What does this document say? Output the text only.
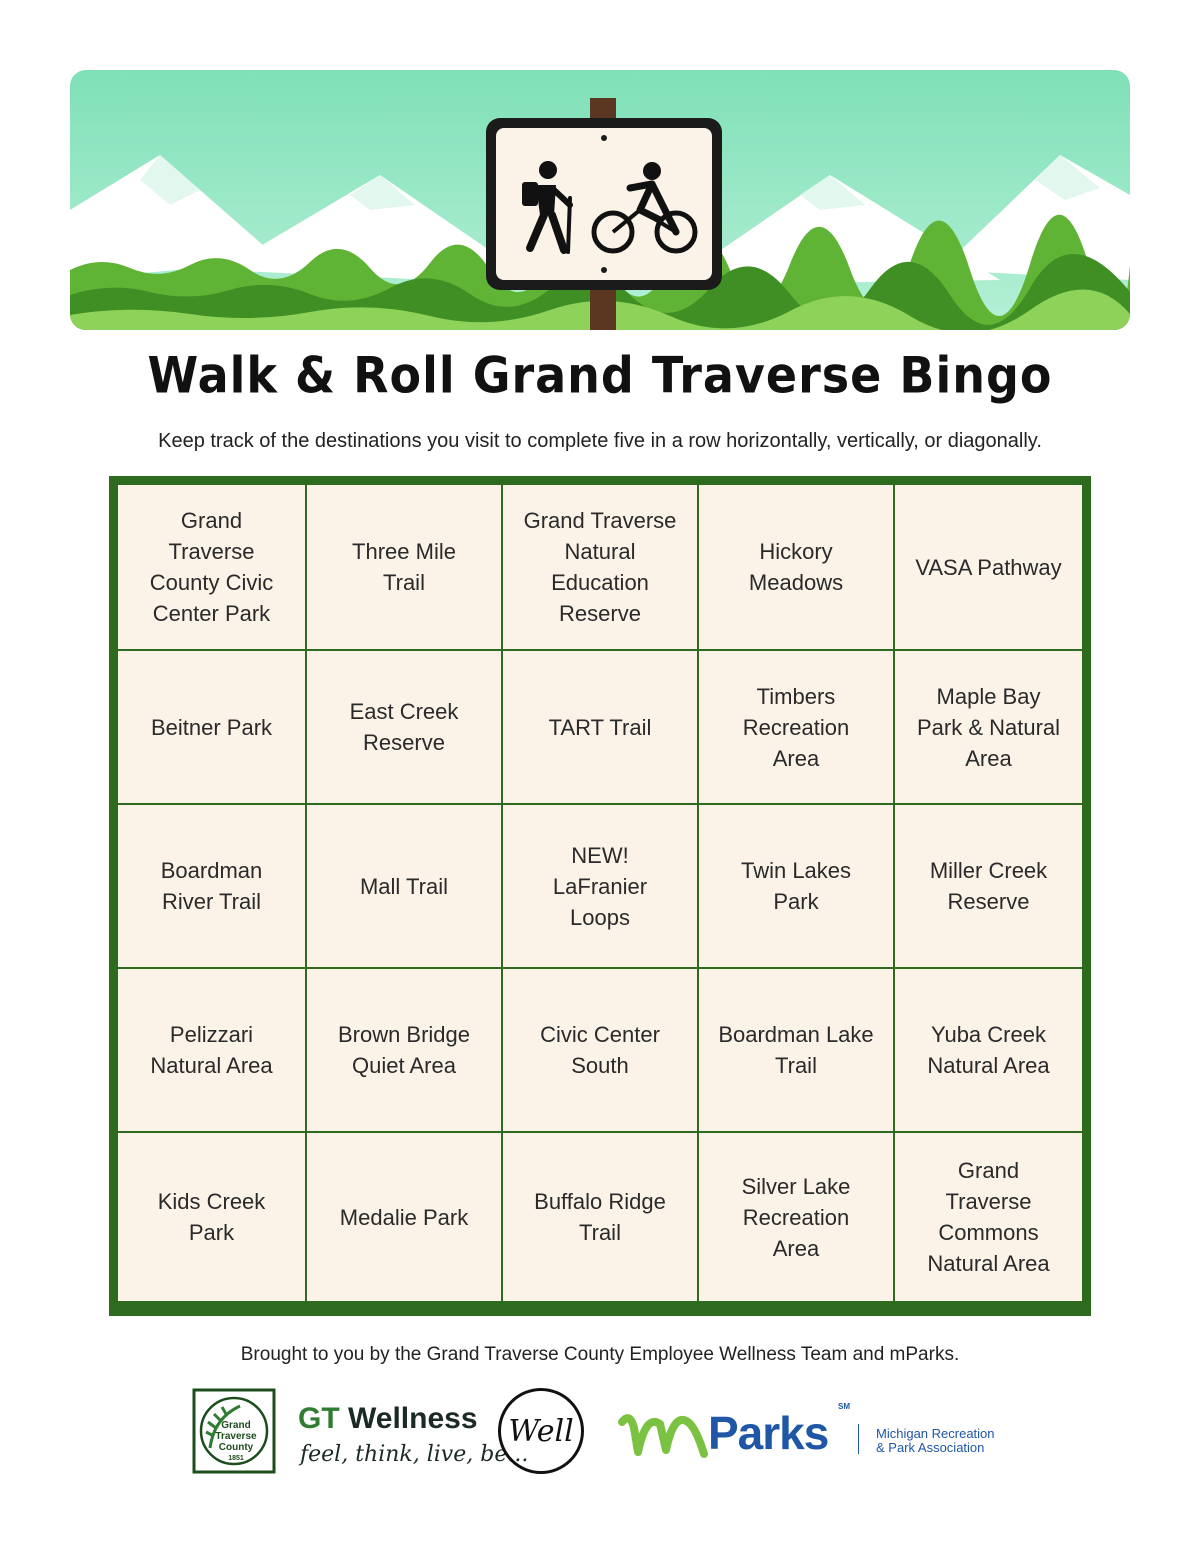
Walk & Roll Grand Traverse Bingo
Keep track of the destinations you visit to complete five in a row horizontally, vertically, or diagonally.
Grand
Traverse
County Civic
Center Park
Three Mile
Trail
Grand Traverse
Natural
Education
Reserve
Hickory
Meadows
VASA Pathway
Beitner Park
East Creek
Reserve
TART Trail
Timbers
Recreation
Area
Maple Bay
Park & Natural
Area
Boardman
River Trail
Mall Trail
NEW!
LaFranier
Loops
Twin Lakes
Park
Miller Creek
Reserve
Pelizzari
Natural Area
Brown Bridge
Quiet Area
Civic Center
South
Boardman Lake
Trail
Yuba Creek
Natural Area
Kids Creek
Park
Medalie Park
Buffalo Ridge
Trail
Silver Lake
Recreation
Area
Grand
Traverse
Commons
Natural Area
Brought to you by the Grand Traverse County Employee Wellness Team and mParks.
Grand
Traverse
County
1851
GT Wellness
feel, think, live, be...
Well	Parks
SM
Michigan Recreation
& Park Association
